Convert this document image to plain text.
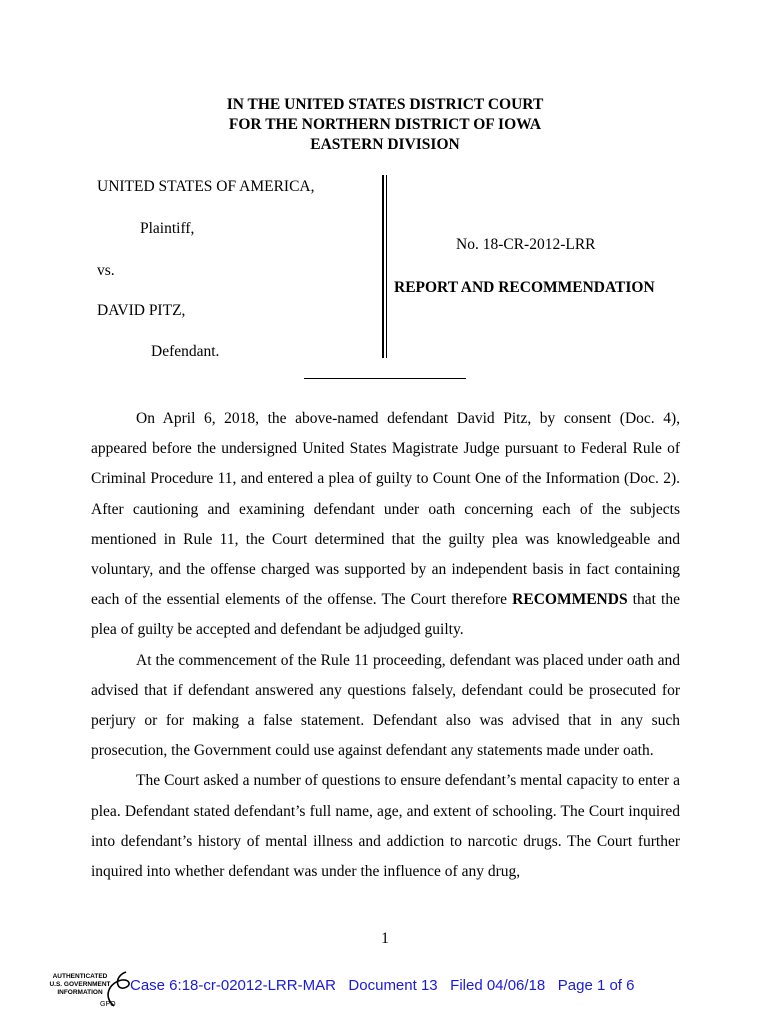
IN THE UNITED STATES DISTRICT COURT
FOR THE NORTHERN DISTRICT OF IOWA
EASTERN DIVISION
UNITED STATES OF AMERICA,
Plaintiff,
vs.
DAVID PITZ,
Defendant.
No. 18-CR-2012-LRR
REPORT AND RECOMMENDATION

On April 6, 2018, the above-named defendant David Pitz, by consent (Doc. 4), appeared before the undersigned United States Magistrate Judge pursuant to Federal Rule of Criminal Procedure 11, and entered a plea of guilty to Count One of the Information (Doc. 2). After cautioning and examining defendant under oath concerning each of the subjects mentioned in Rule 11, the Court determined that the guilty plea was knowledgeable and voluntary, and the offense charged was supported by an independent basis in fact containing each of the essential elements of the offense. The Court therefore RECOMMENDS that the plea of guilty be accepted and defendant be adjudged guilty.

At the commencement of the Rule 11 proceeding, defendant was placed under oath and advised that if defendant answered any questions falsely, defendant could be prosecuted for perjury or for making a false statement. Defendant also was advised that in any such prosecution, the Government could use against defendant any statements made under oath.

The Court asked a number of questions to ensure defendant’s mental capacity to enter a plea. Defendant stated defendant’s full name, age, and extent of schooling. The Court inquired into defendant’s history of mental illness and addiction to narcotic drugs. The Court further inquired into whether defendant was under the influence of any drug,

1
AUTHENTICATED
U.S. GOVERNMENT
INFORMATION
GPO
Case 6:18-cr-02012-LRR-MAR Document 13 Filed 04/06/18 Page 1 of 6
